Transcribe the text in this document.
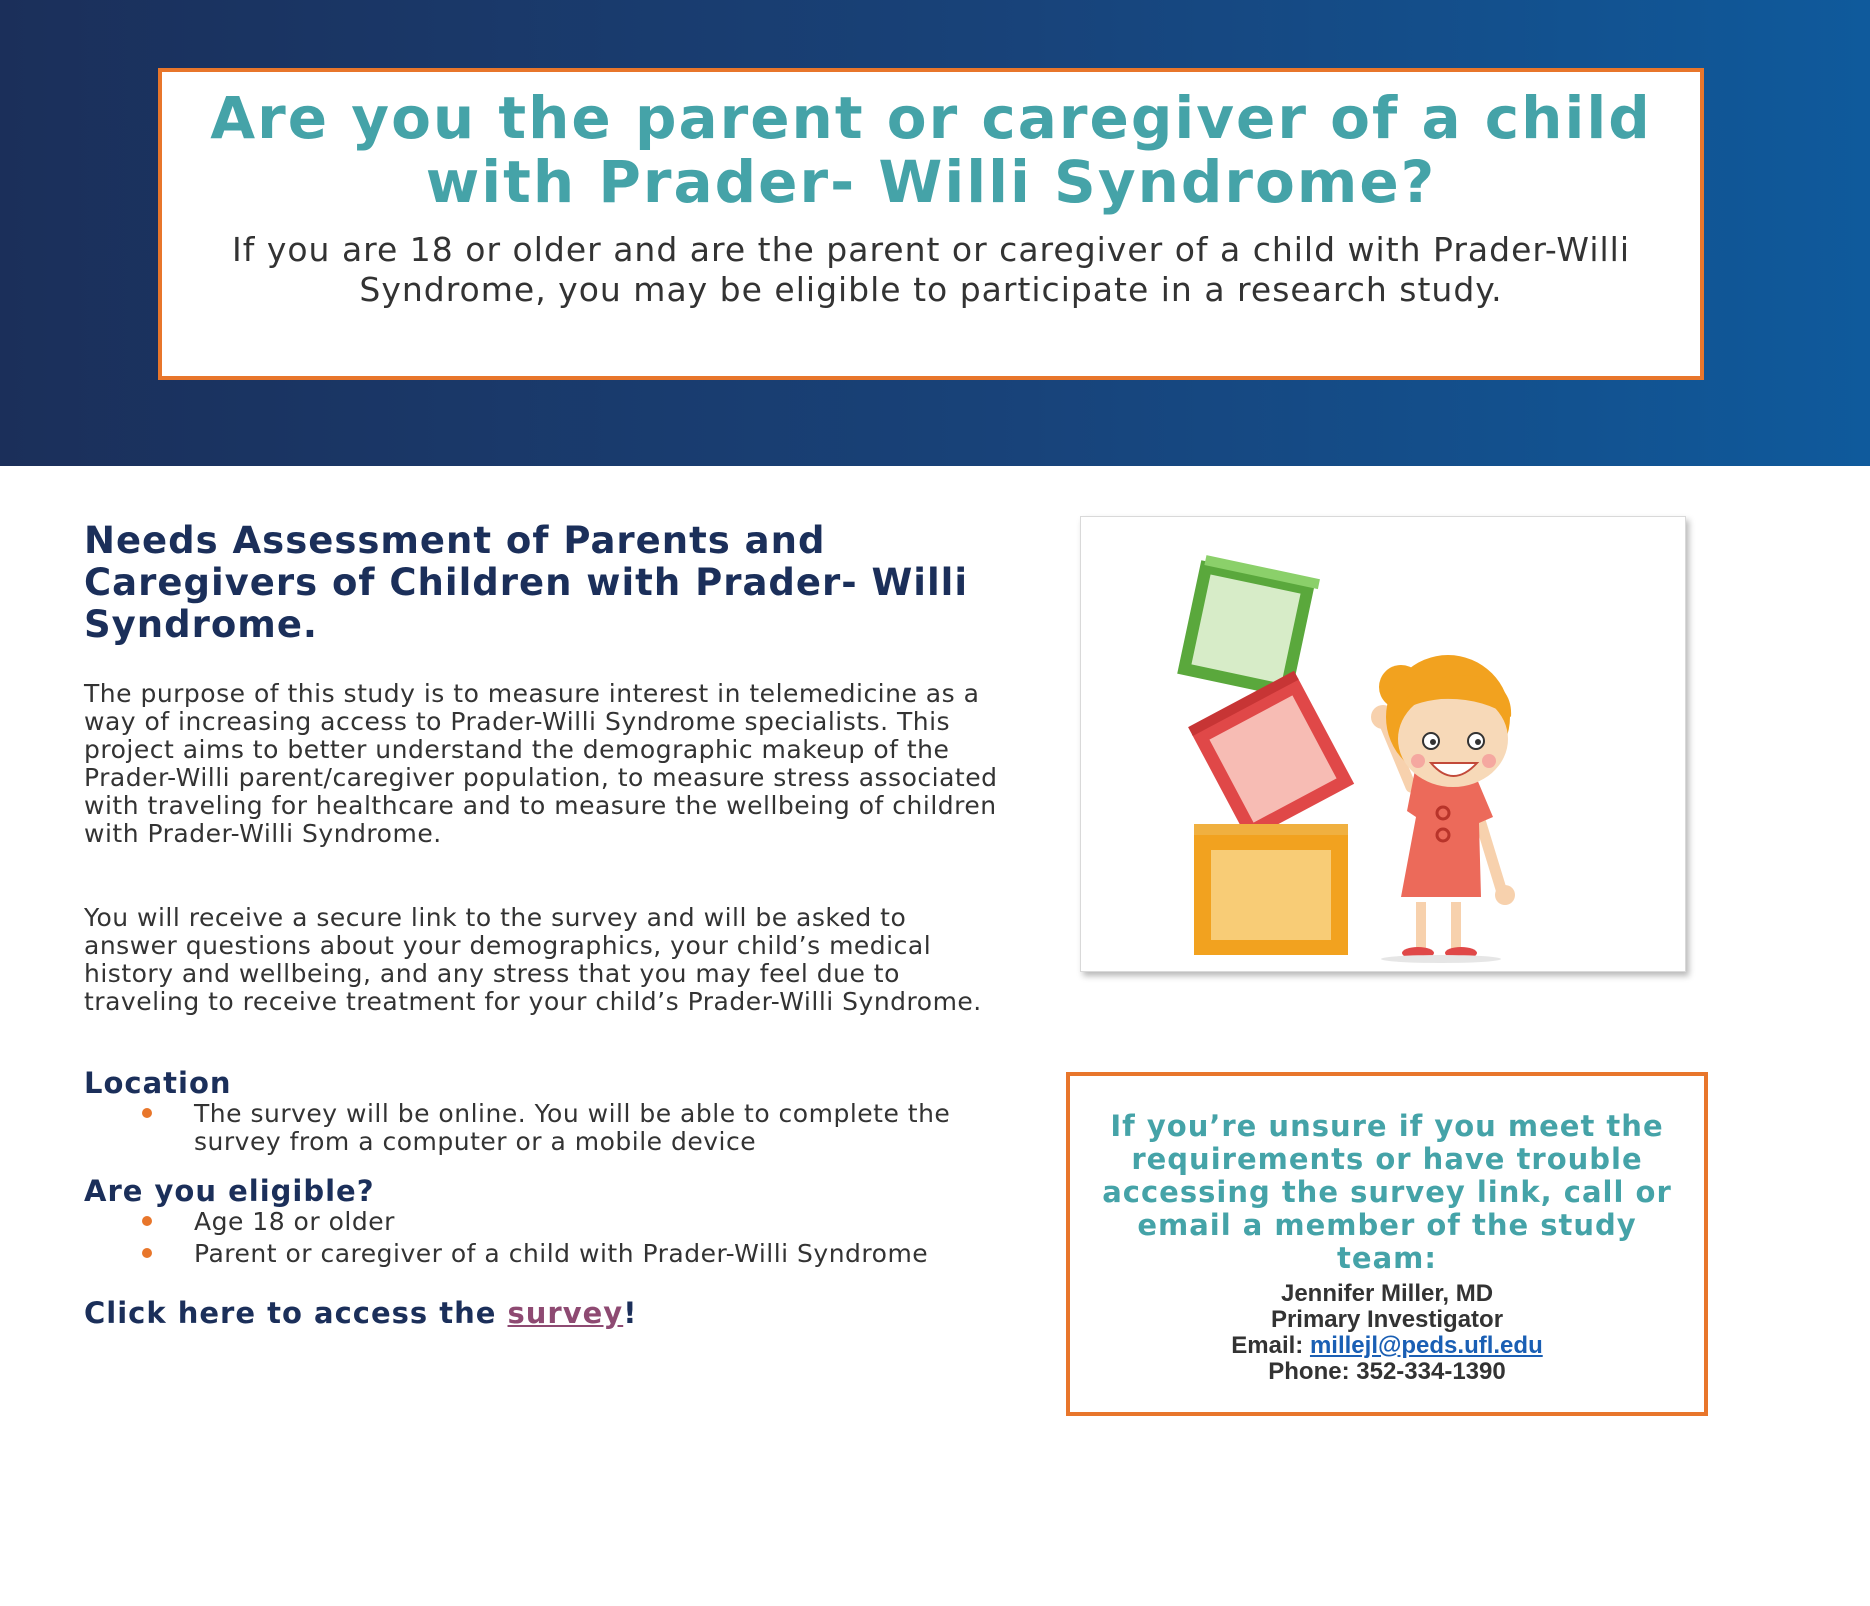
Are you the parent or caregiver of a child with Prader- Willi Syndrome?

If you are 18 or older and are the parent or caregiver of a child with Prader-Willi Syndrome, you may be eligible to participate in a research study.

Needs Assessment of Parents and Caregivers of Children with Prader- Willi Syndrome.

The purpose of this study is to measure interest in telemedicine as a way of increasing access to Prader-Willi Syndrome specialists. This project aims to better understand the demographic makeup of the Prader-Willi parent/caregiver population, to measure stress associated with traveling for healthcare and to measure the wellbeing of children with Prader-Willi Syndrome.

You will receive a secure link to the survey and will be asked to answer questions about your demographics, your child’s medical history and wellbeing, and any stress that you may feel due to traveling to receive treatment for your child’s Prader-Willi Syndrome.

Location
The survey will be online. You will be able to complete the survey from a computer or a mobile device
Are you eligible?
Age 18 or older
Parent or caregiver of a child with Prader-Willi Syndrome

Click here to access the survey!

If you’re unsure if you meet the requirements or have trouble accessing the survey link, call or email a member of the study team:

Jennifer Miller, MD

Primary Investigator

Email: millejl@peds.ufl.edu

Phone: 352-334-1390
